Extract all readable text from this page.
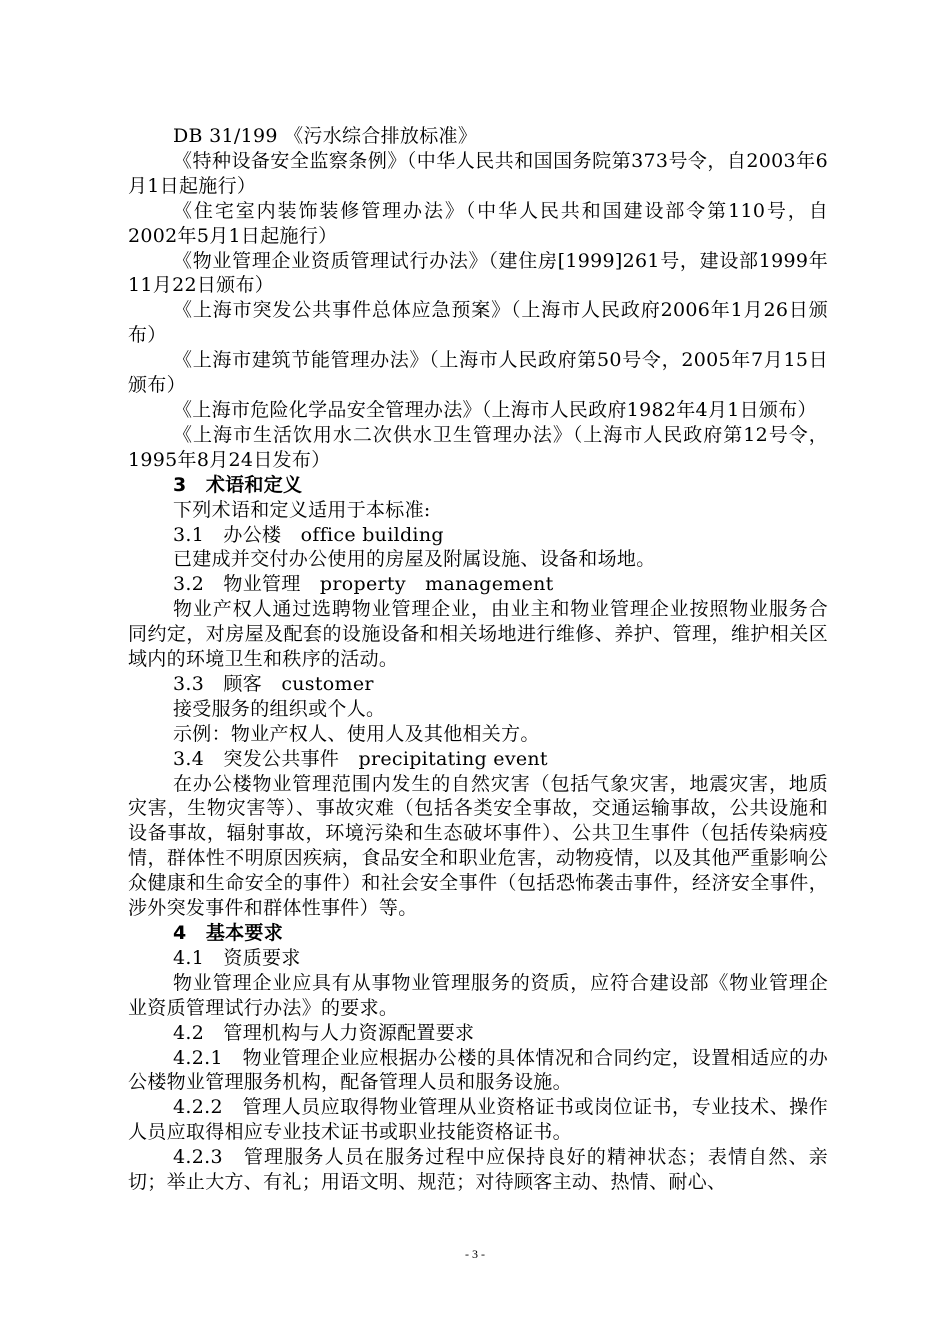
DB 31/199 《污水综合排放标准》

《特种设备安全监察条例》（中华人民共和国国务院第373号令，自2003年6月1日起施行）

《住宅室内装饰装修管理办法》（中华人民共和国建设部令第110号，自2002年5月1日起施行）

《物业管理企业资质管理试行办法》（建住房[1999]261号，建设部1999年11月22日颁布）

《上海市突发公共事件总体应急预案》（上海市人民政府2006年1月26日颁布）

《上海市建筑节能管理办法》（上海市人民政府第50号令，2005年7月15日颁布）

《上海市危险化学品安全管理办法》（上海市人民政府1982年4月1日颁布）

《上海市生活饮用水二次供水卫生管理办法》（上海市人民政府第12号令，1995年8月24日发布）

3　术语和定义

下列术语和定义适用于本标准:

3.1　办公楼　office building

已建成并交付办公使用的房屋及附属设施、设备和场地。

3.2　物业管理　property　management

物业产权人通过选聘物业管理企业，由业主和物业管理企业按照物业服务合同约定，对房屋及配套的设施设备和相关场地进行维修、养护、管理，维护相关区域内的环境卫生和秩序的活动。

3.3　顾客　customer

接受服务的组织或个人。

示例：物业产权人、使用人及其他相关方。

3.4　突发公共事件　precipitating event

在办公楼物业管理范围内发生的自然灾害（包括气象灾害，地震灾害，地质灾害，生物灾害等）、事故灾难（包括各类安全事故，交通运输事故，公共设施和设备事故，辐射事故，环境污染和生态破坏事件）、公共卫生事件（包括传染病疫情，群体性不明原因疾病，食品安全和职业危害，动物疫情，以及其他严重影响公众健康和生命安全的事件）和社会安全事件（包括恐怖袭击事件，经济安全事件，涉外突发事件和群体性事件）等。

4　基本要求

4.1　资质要求

物业管理企业应具有从事物业管理服务的资质，应符合建设部《物业管理企业资质管理试行办法》的要求。

4.2　管理机构与人力资源配置要求

4.2.1　物业管理企业应根据办公楼的具体情况和合同约定，设置相适应的办公楼物业管理服务机构，配备管理人员和服务设施。

4.2.2　管理人员应取得物业管理从业资格证书或岗位证书，专业技术、操作人员应取得相应专业技术证书或职业技能资格证书。

4.2.3　管理服务人员在服务过程中应保持良好的精神状态；表情自然、亲切；举止大方、有礼；用语文明、规范；对待顾客主动、热情、耐心、

- 3 -
